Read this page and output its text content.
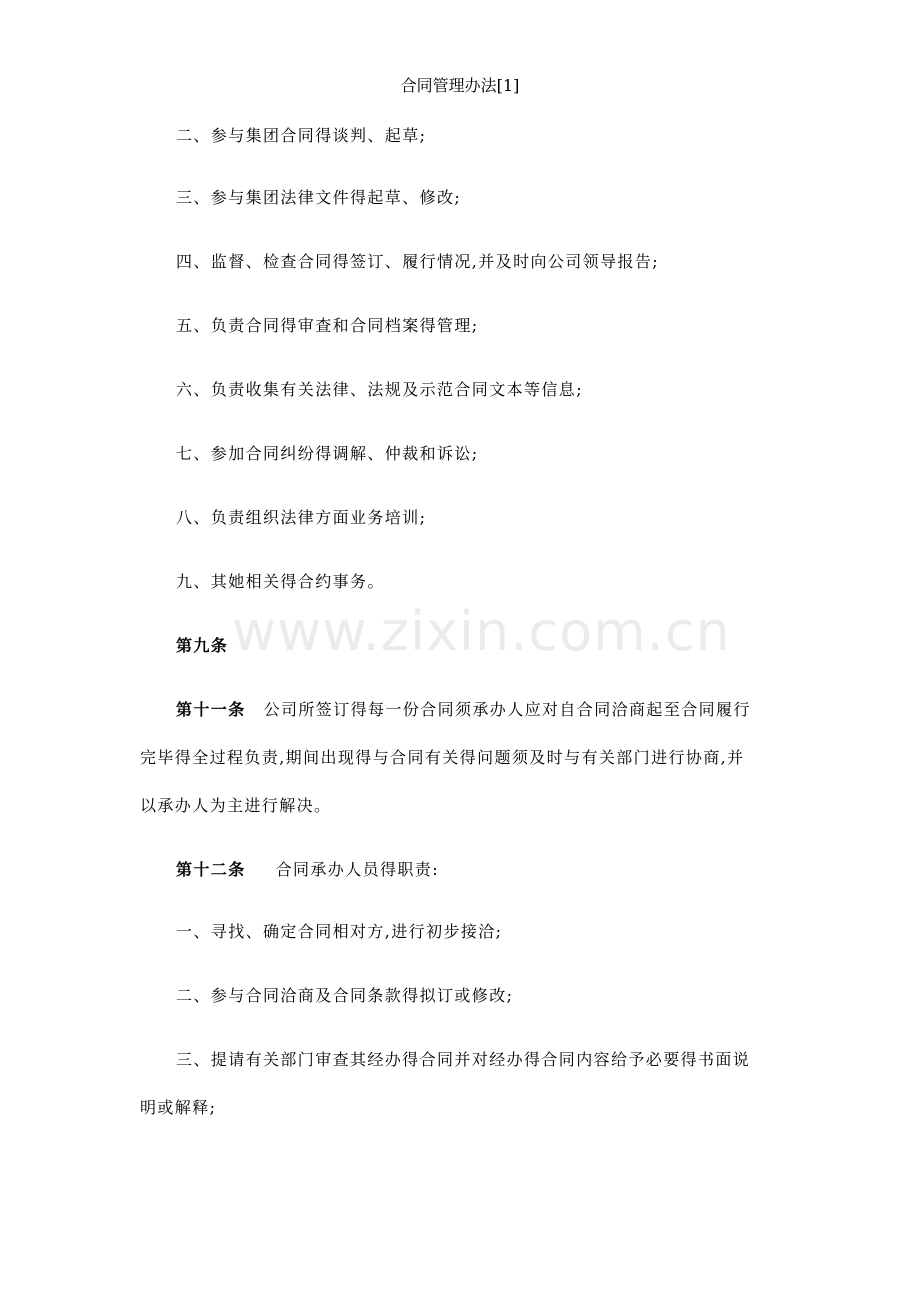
合同管理办法[1]
二、参与集团合同得谈判、起草;
三、参与集团法律文件得起草、修改;
四、监督、检查合同得签订、履行情况,并及时向公司领导报告;
五、负责合同得审查和合同档案得管理;
六、负责收集有关法律、法规及示范合同文本等信息;
七、参加合同纠纷得调解、仲裁和诉讼;
八、负责组织法律方面业务培训;
九、其她相关得合约事务。
www.zixin.com.cn
第九条
第十一条 公司所签订得每一份合同须承办人应对自合同洽商起至合同履行
完毕得全过程负责,期间出现得与合同有关得问题须及时与有关部门进行协商,并
以承办人为主进行解决。
第十二条 合同承办人员得职责:
一、寻找、确定合同相对方,进行初步接洽;
二、参与合同洽商及合同条款得拟订或修改;
三、提请有关部门审查其经办得合同并对经办得合同内容给予必要得书面说
明或解释;
